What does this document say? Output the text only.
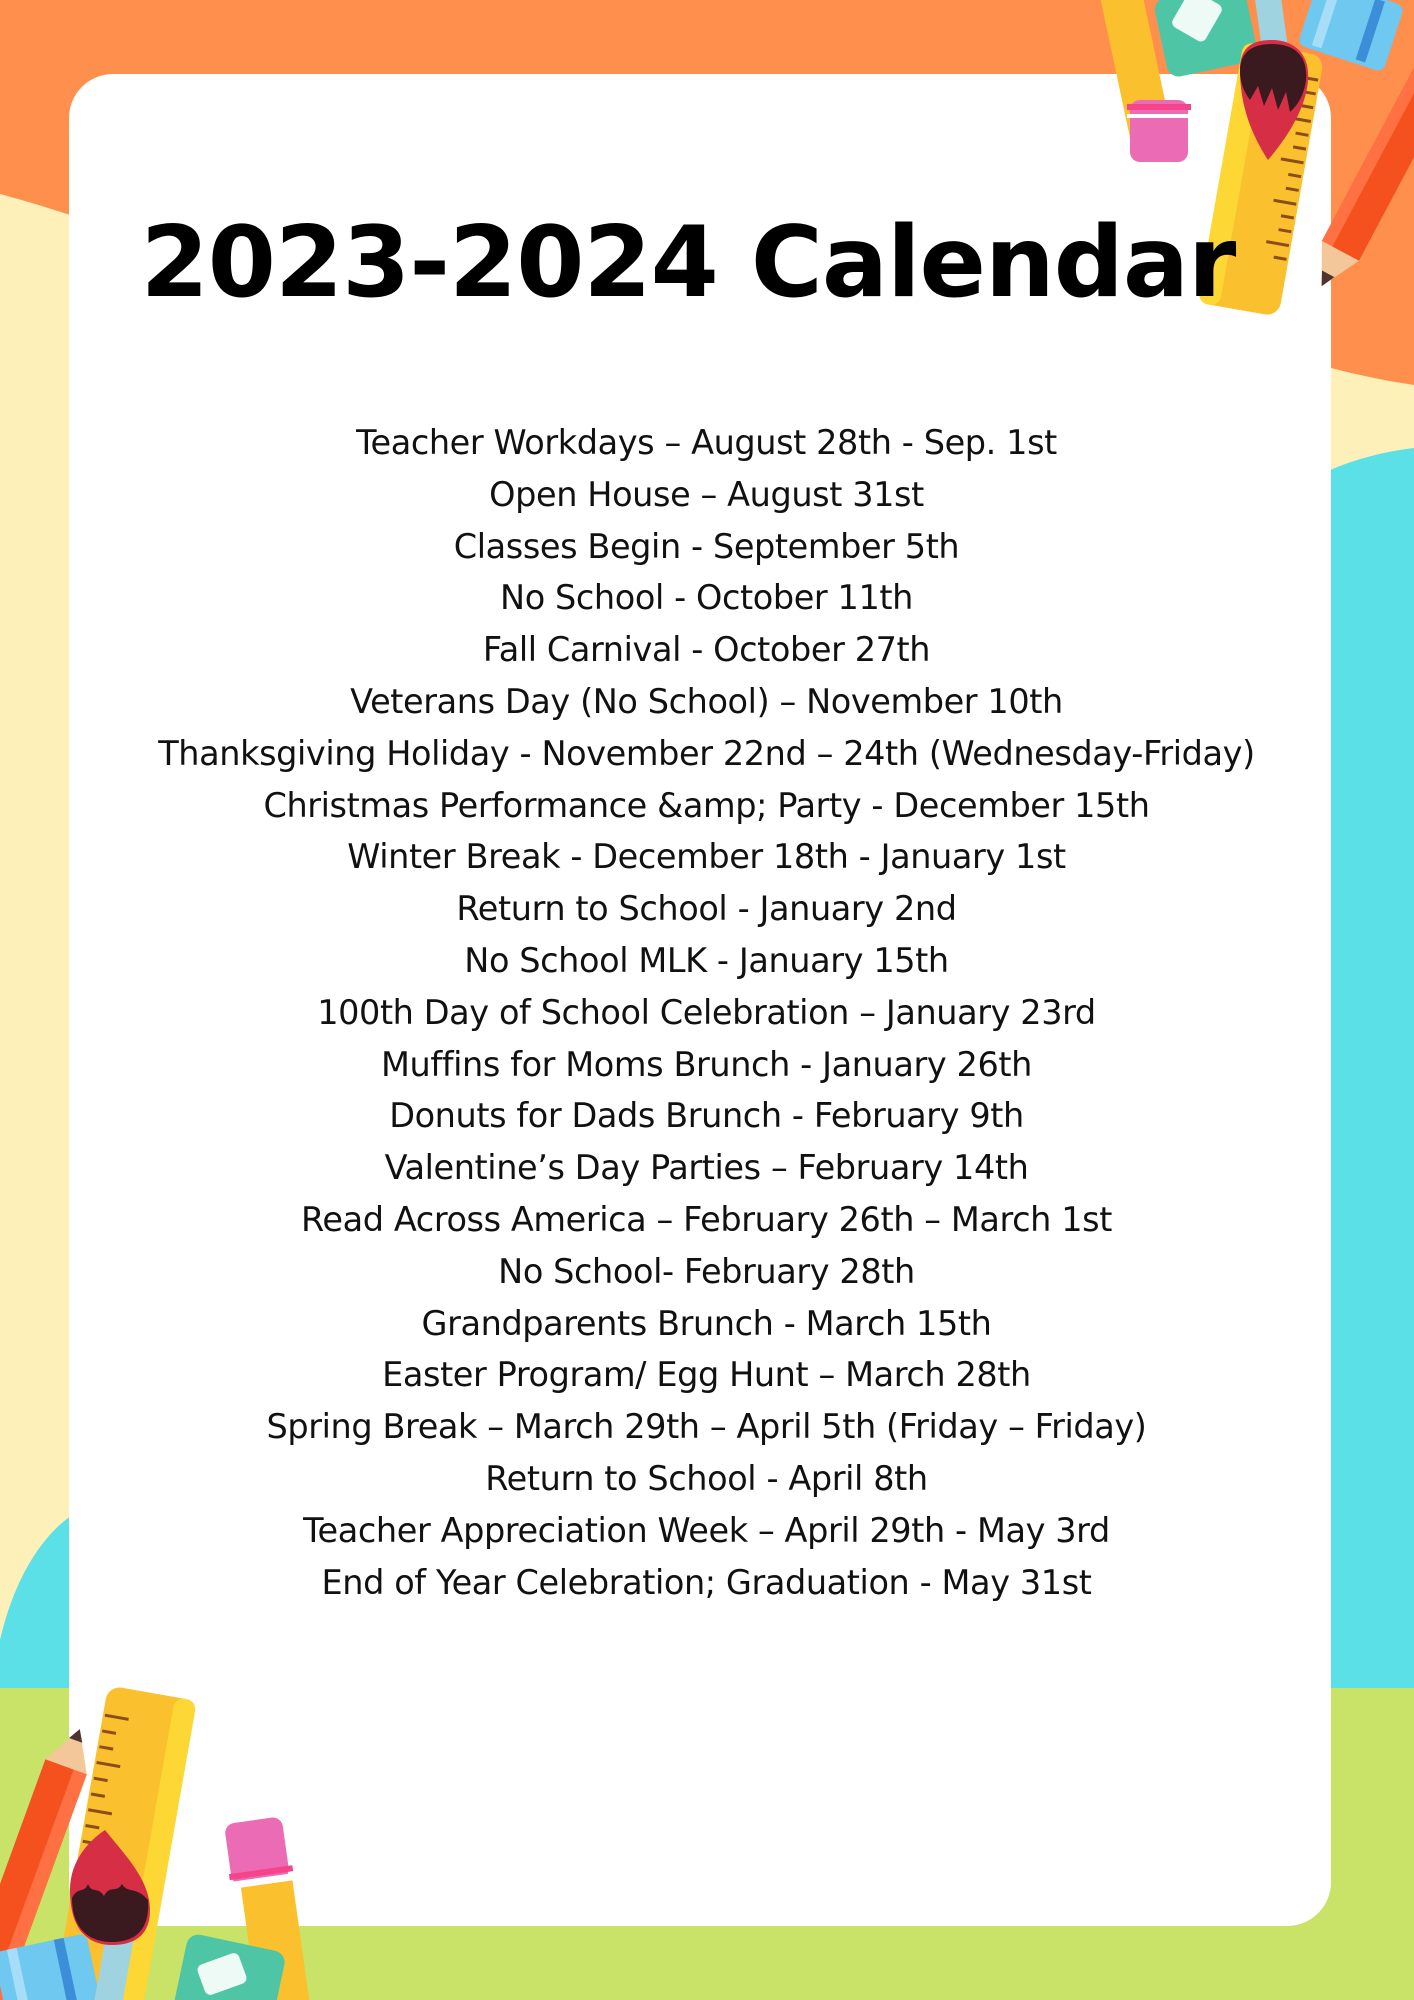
2023-2024 Calendar
Teacher Workdays – August 28th - Sep. 1st
Open House – August 31st
Classes Begin - September 5th
No School - October 11th
Fall Carnival - October 27th
Veterans Day (No School) – November 10th
Thanksgiving Holiday - November 22nd – 24th (Wednesday-Friday)
Christmas Performance &amp; Party - December 15th
Winter Break - December 18th - January 1st
Return to School - January 2nd
No School MLK - January 15th
100th Day of School Celebration – January 23rd
Muffins for Moms Brunch - January 26th
Donuts for Dads Brunch - February 9th
Valentine’s Day Parties – February 14th
Read Across America – February 26th – March 1st
No School- February 28th
Grandparents Brunch - March 15th
Easter Program/ Egg Hunt – March 28th
Spring Break – March 29th – April 5th (Friday – Friday)
Return to School - April 8th
Teacher Appreciation Week – April 29th - May 3rd
End of Year Celebration; Graduation - May 31st
